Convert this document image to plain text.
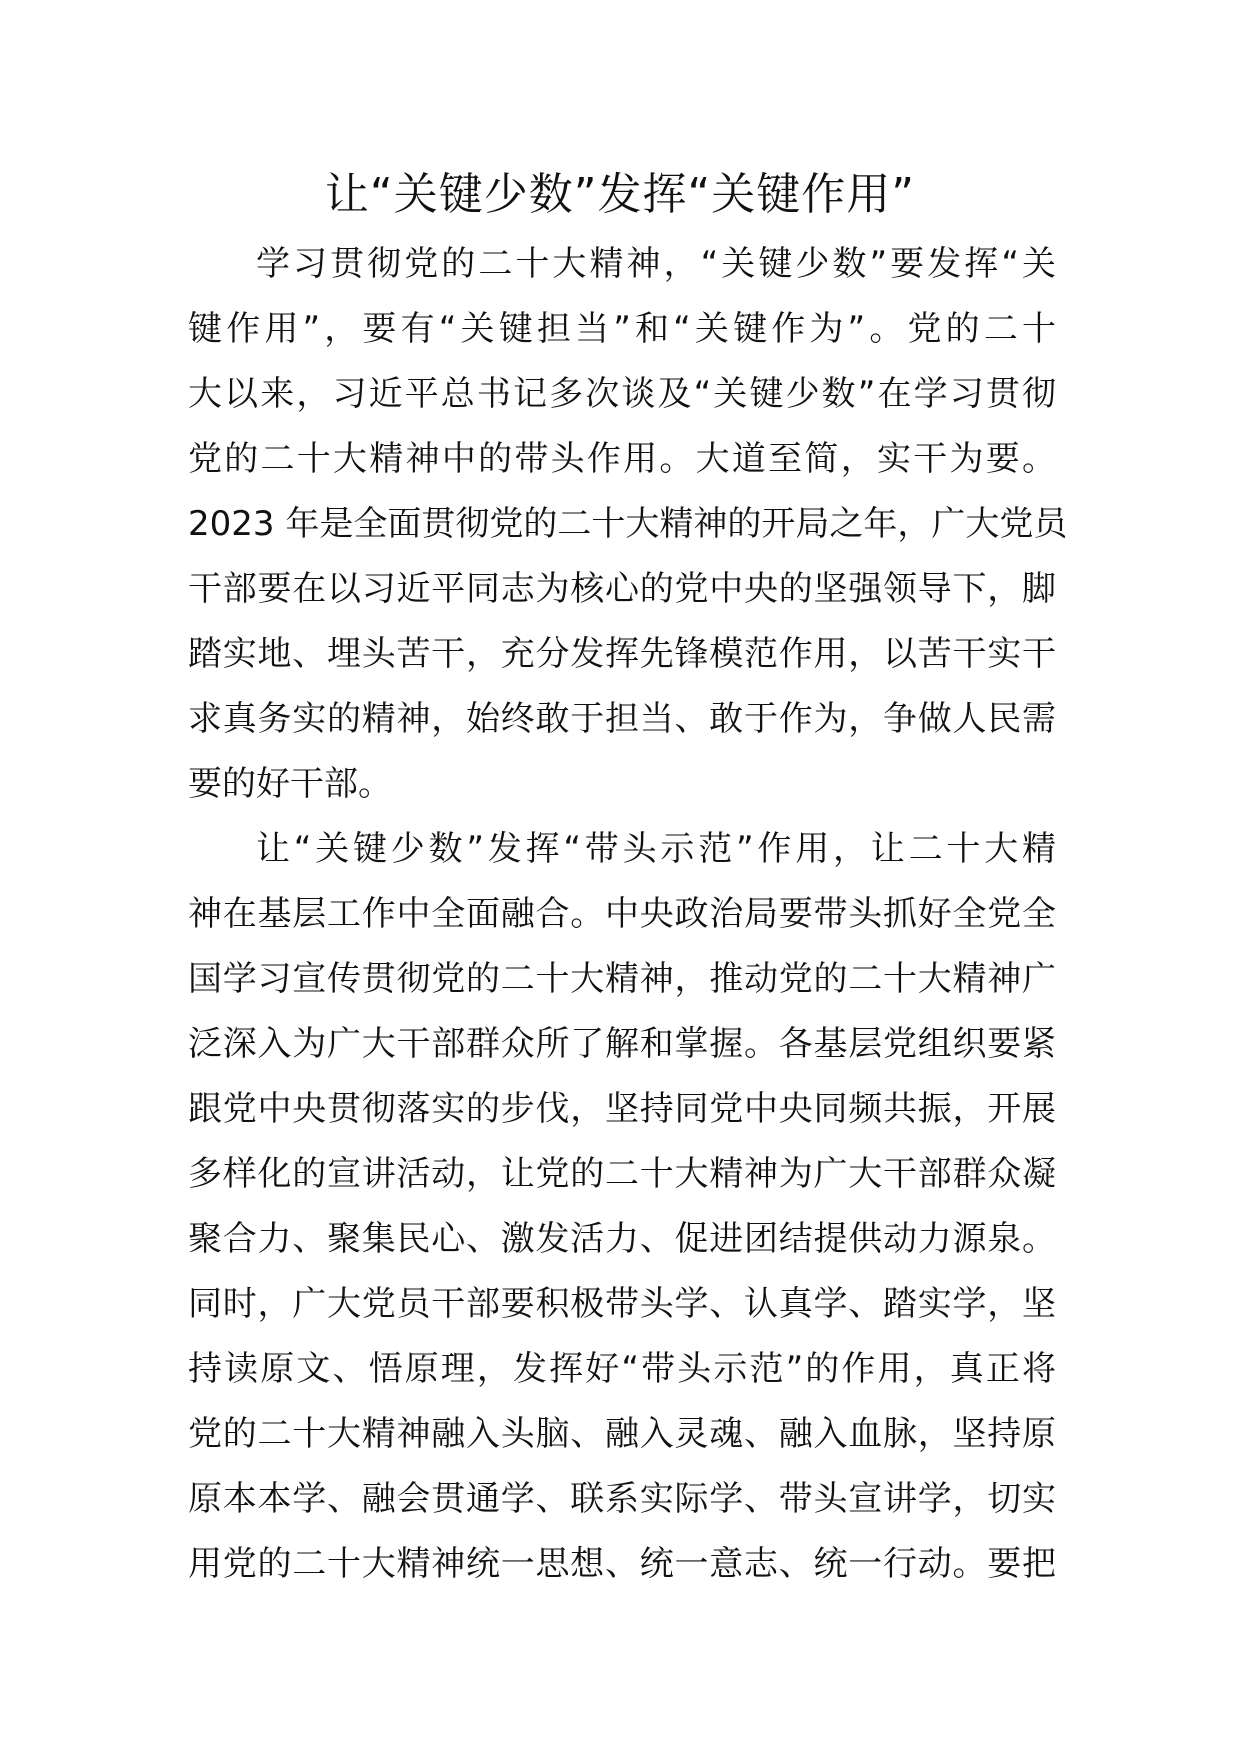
让“关键少数”发挥“关键作用”
学习贯彻党的二十大精神，“关键少数”要发挥“关
键作用”，要有“关键担当”和“关键作为”。党的二十
大以来，习近平总书记多次谈及“关键少数”在学习贯彻
党的二十大精神中的带头作用。大道至简，实干为要。
2023 年是全面贯彻党的二十大精神的开局之年，广大党员
干部要在以习近平同志为核心的党中央的坚强领导下，脚
踏实地、埋头苦干，充分发挥先锋模范作用，以苦干实干
求真务实的精神，始终敢于担当、敢于作为，争做人民需
要的好干部。
让“关键少数”发挥“带头示范”作用，让二十大精
神在基层工作中全面融合。中央政治局要带头抓好全党全
国学习宣传贯彻党的二十大精神，推动党的二十大精神广
泛深入为广大干部群众所了解和掌握。各基层党组织要紧
跟党中央贯彻落实的步伐，坚持同党中央同频共振，开展
多样化的宣讲活动，让党的二十大精神为广大干部群众凝
聚合力、聚集民心、激发活力、促进团结提供动力源泉。
同时，广大党员干部要积极带头学、认真学、踏实学，坚
持读原文、悟原理，发挥好“带头示范”的作用，真正将
党的二十大精神融入头脑、融入灵魂、融入血脉，坚持原
原本本学、融会贯通学、联系实际学、带头宣讲学，切实
用党的二十大精神统一思想、统一意志、统一行动。要把
